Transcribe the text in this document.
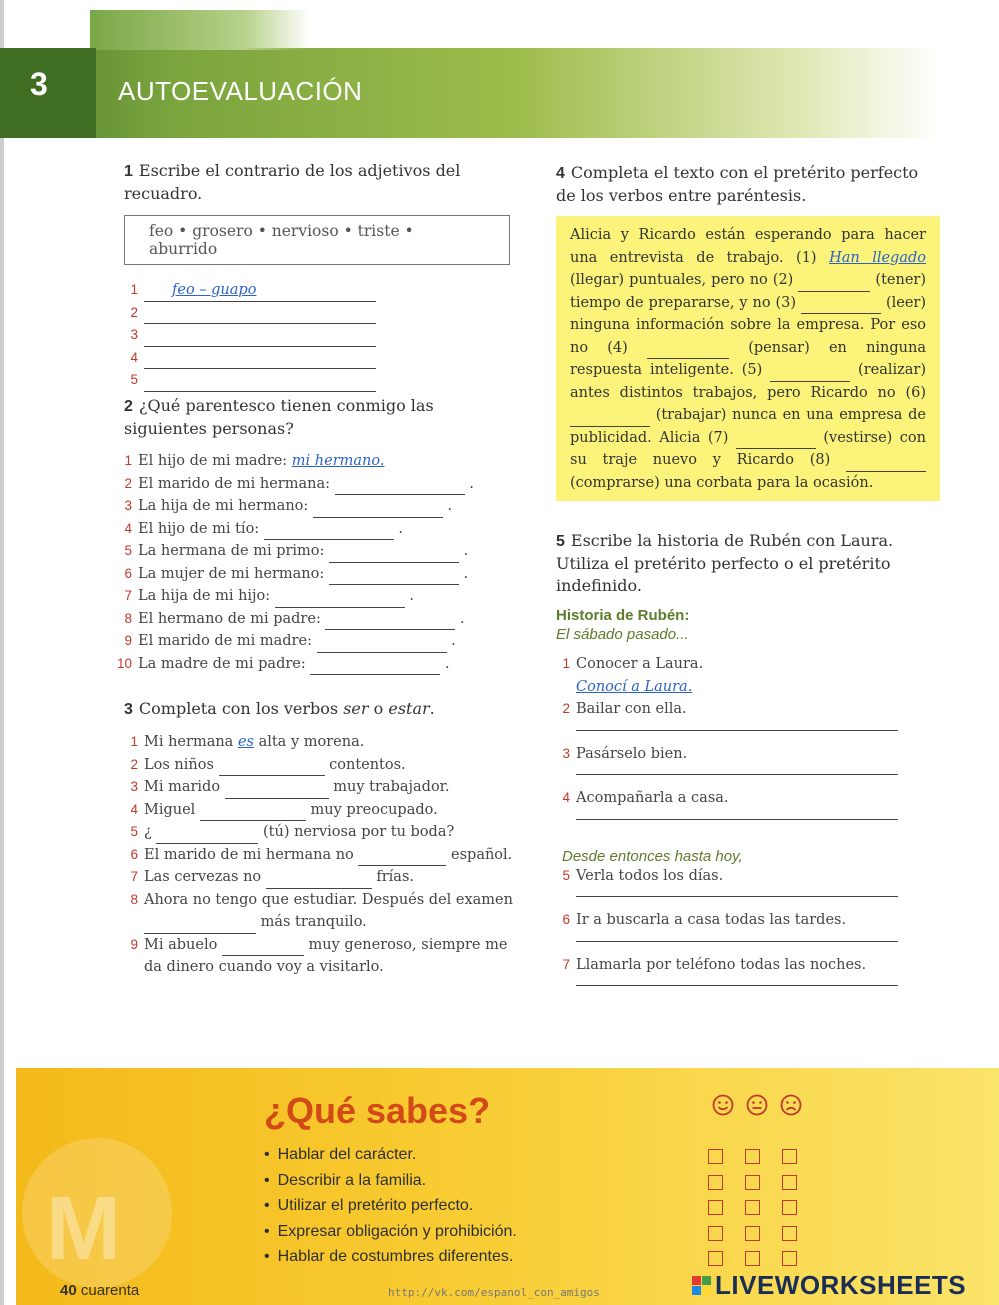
3	AUTOEVALUACIÓN

1 Escribe el contrario de los adjetivos del recuadro.

feo • grosero • nervioso • triste • aburrido
1 feo – guapo
2
3
4
5

2 ¿Qué parentesco tienen conmigo las siguientes personas?

1 El hijo de mi madre: mi hermano.
2 El marido de mi hermana:	.
3 La hija de mi hermano:	.
4 El hijo de mi tío:	.
5 La hermana de mi primo:	.
6 La mujer de mi hermano:	.
7 La hija de mi hijo:	.
8 El hermano de mi padre:	.
9 El marido de mi madre:	.
10 La madre de mi padre:	.

3 Completa con los verbos ser o estar.

1 Mi hermana es alta y morena.
2 Los niños	contentos.
3 Mi marido	muy trabajador.
4 Miguel	muy preocupado.
5 ¿	(tú) nerviosa por tu boda?
6 El marido de mi hermana no	español.
7 Las cervezas no	frías.
8 Ahora no tengo que estudiar. Después del examen
más tranquilo.
9 Mi abuelo	muy generoso, siempre me
da dinero cuando voy a visitarlo.

4 Completa el texto con el pretérito perfecto de los verbos entre paréntesis.

Alicia y Ricardo están esperando para hacer una entrevista de trabajo. (1) Han llegado (llegar) puntuales, pero no (2)	(tener) tiempo de prepararse, y no (3)	(leer) ninguna información sobre la empresa. Por eso no (4)	(pensar) en ninguna respuesta inteligente. (5)	(realizar) antes distintos trabajos, pero Ricardo no (6)  (trabajar) nunca en una empresa de publicidad. Alicia (7)	(vestirse) con su traje nuevo y Ricardo (8)  (comprarse) una corbata para la ocasión.

5 Escribe la historia de Rubén con Laura. Utiliza el pretérito perfecto o el pretérito indefinido.

Historia de Rubén:
El sábado pasado...
1 Conocer a Laura.
Conocí a Laura.
2 Bailar con ella.
3 Pasárselo bien.
4 Acompañarla a casa.
Desde entonces hasta hoy,
5 Verla todos los días.
6 Ir a buscarla a casa todas las tardes.
7 Llamarla por teléfono todas las noches.
M
¿Qué sabes?
• Hablar del carácter.
• Describir a la familia.
• Utilizar el pretérito perfecto.
• Expresar obligación y prohibición.
• Hablar de costumbres diferentes.
40 cuarenta	http://vk.com/espanol_con_amigos	LIVEWORKSHEETS
